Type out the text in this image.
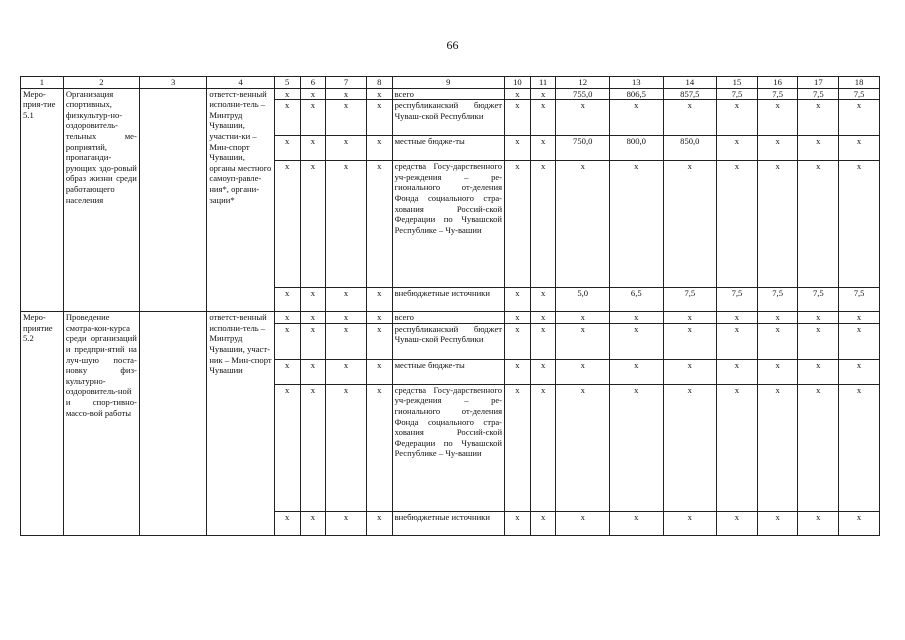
66
1	2	3	4	5	6	7	8	9	10	11	12	13	14	15	16	17	18
Меро-прия-тие 5.1	Организация спортивных, физкультур-но-оздоровитель-тельных ме-роприятий, пропаганди-рующих здо-ровый образ жизни среди работающего населения		ответст-венный исполни-тель – Минтруд Чувашии, участни-ки – Мин-спорт Чувашии, органы местного самоуп-равле-ния*, органи-зации*	x	x	x	x	всего	x	x	755,0	806,5	857,5	7,5	7,5	7,5	7,5
				x	x	x	x	республиканский бюджет Чуваш-ской Республики	x	x	x	x	x	x	x	x	x
				x	x	x	x	местные бюдже-ты	x	x	750,0	800,0	850,0	x	x	x	x
				x	x	x	x	средства Госу-дарственного уч-реждения – ре-гионального от-деления Фонда социального стра-хования Россий-ской Федерации по Чувашской Республике – Чу-вашии	x	x	x	x	x	x	x	x	x
				x	x	x	x	внебюджетные источники	x	x	5,0	6,5	7,5	7,5	7,5	7,5	7,5
Меро-приятие 5.2	Проведение смотра-кон-курса среди организаций и предпри-ятий на луч-шую поста-новку физ-культурно-оздоровитель-ной и спор-тивно-массо-вой работы		ответст-венный исполни-тель – Минтруд Чувашии, участ-ник – Мин-спорт Чувашии	x	x	x	x	всего	x	x	x	x	x	x	x	x	x
				x	x	x	x	республиканский бюджет Чуваш-ской Республики	x	x	x	x	x	x	x	x	x
				x	x	x	x	местные бюдже-ты	x	x	x	x	x	x	x	x	x
				x	x	x	x	средства Госу-дарственного уч-реждения – ре-гионального от-деления Фонда социального стра-хования Россий-ской Федерации по Чувашской Республике – Чу-вашии	x	x	x	x	x	x	x	x	x
				x	x	x	x	внебюджетные источники	x	x	x	x	x	x	x	x	x
